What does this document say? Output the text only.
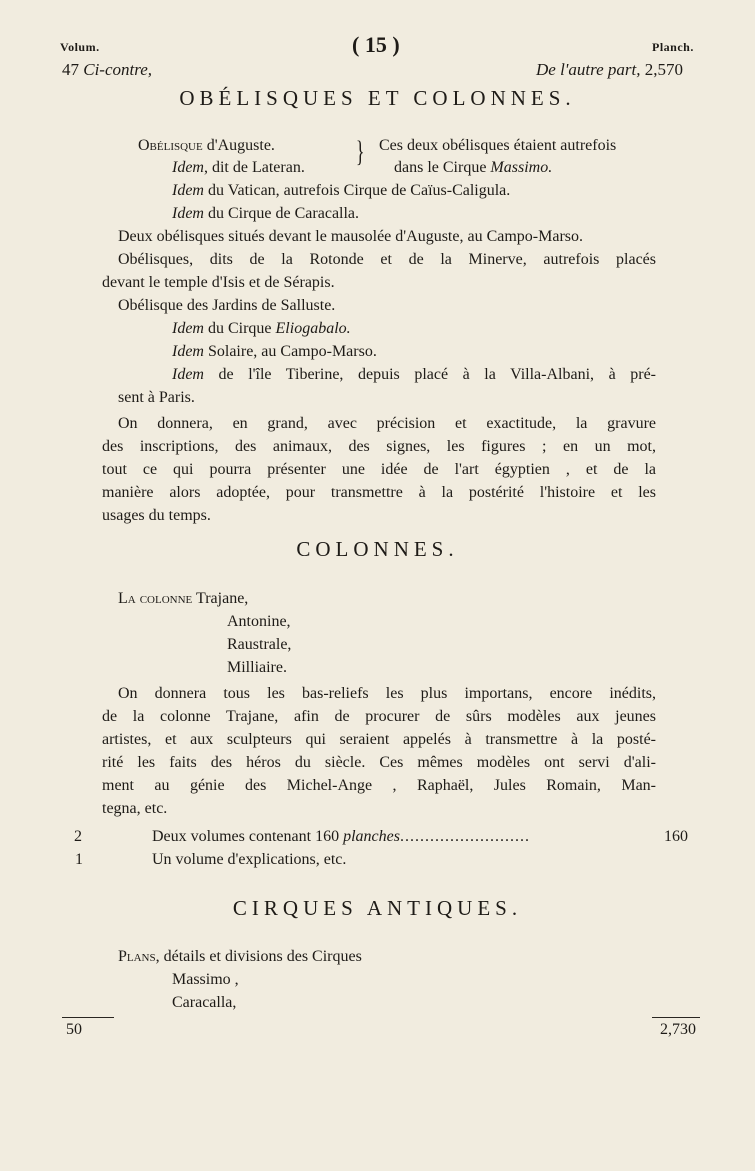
Volum.	( 15 )	Planch.
47 Ci-contre,	De l'autre part, 2,570
OBÉLISQUES ET COLONNES.
Obélisque d'Auguste.
Idem, dit de Lateran. } Ces deux obélisques étaient autrefois
dans le Cirque Massimo.
Idem du Vatican, autrefois Cirque de Caïus-Caligula.
Idem du Cirque de Caracalla.
Deux obélisques situés devant le mausolée d'Auguste, au Campo-Marso.
Obélisques, dits de la Rotonde et de la Minerve, autrefois placés
devant le temple d'Isis et de Sérapis.
Obélisque des Jardins de Salluste.
Idem du Cirque Eliogabalo.
Idem Solaire, au Campo-Marso.
Idem de l'île Tiberine, depuis placé à la Villa-Albani, à pré-
sent à Paris.
On donnera, en grand, avec précision et exactitude, la gravure
des inscriptions, des animaux, des signes, les figures ; en un mot,
tout ce qui pourra présenter une idée de l'art égyptien , et de la
manière alors adoptée, pour transmettre à la postérité l'histoire et les
usages du temps.
COLONNES.
La colonne Trajane,
Antonine,
Raustrale,
Milliaire.
On donnera tous les bas-reliefs les plus importans, encore inédits,
de la colonne Trajane, afin de procurer de sûrs modèles aux jeunes
artistes, et aux sculpteurs qui seraient appelés à transmettre à la posté-
rité les faits des héros du siècle. Ces mêmes modèles ont servi d'ali-
ment au génie des Michel-Ange , Raphaël, Jules Romain, Man-
tegna, etc.
2	Deux volumes contenant 160 planches..........................	160
1	Un volume d'explications, etc.
CIRQUES ANTIQUES.
Plans, détails et divisions des Cirques
Massimo ,
Caracalla,
50	2,730
